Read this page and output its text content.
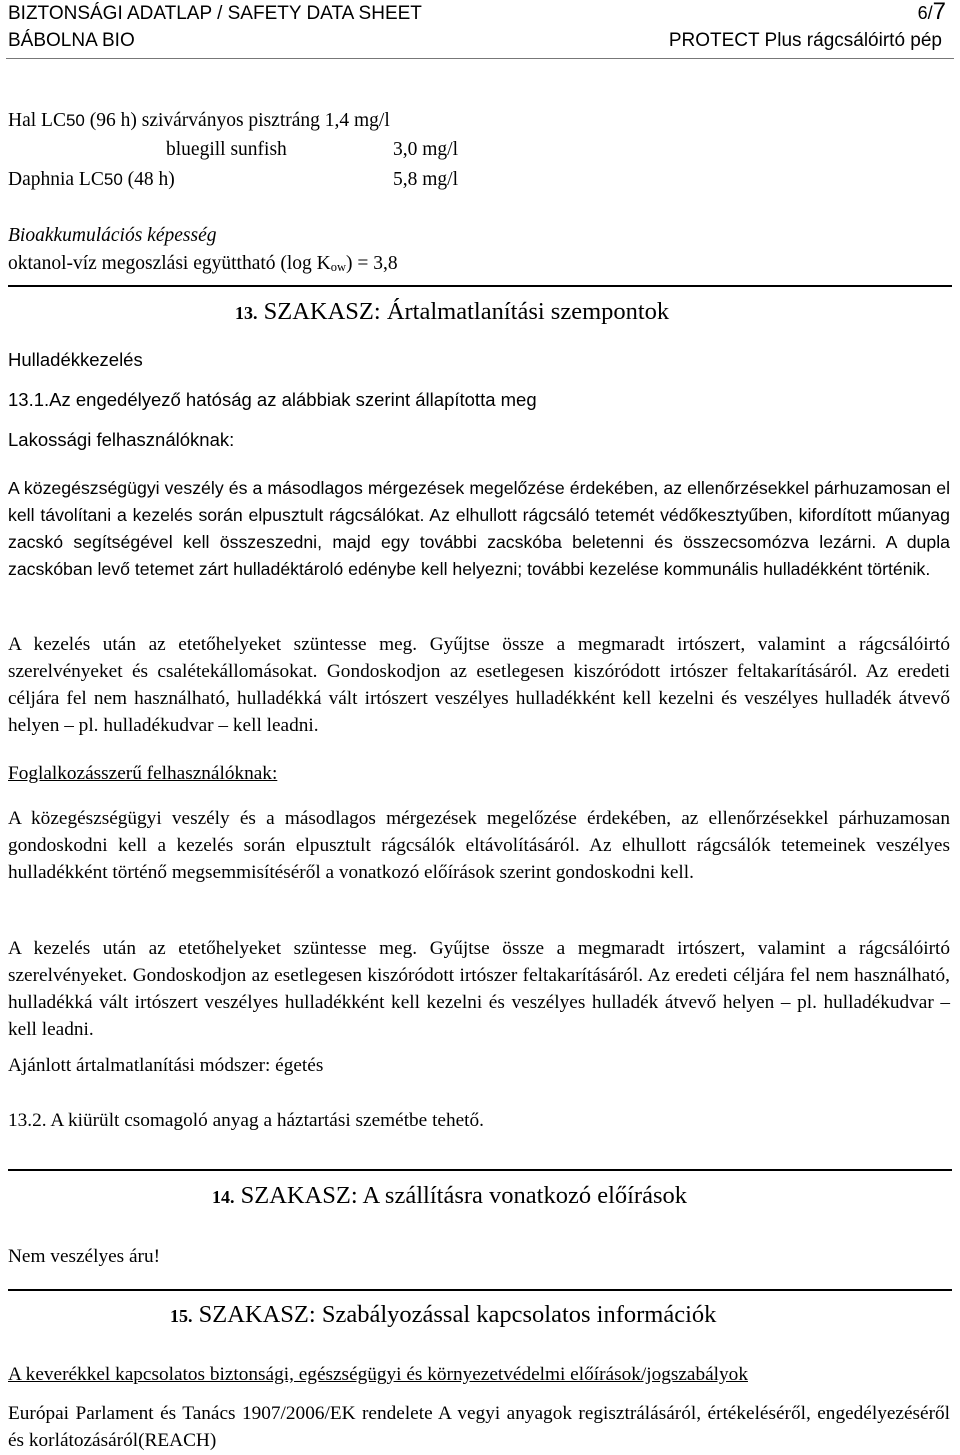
BIZTONSÁGI ADATLAP / SAFETY DATA SHEET
BÁBOLNA BIO
6/7
PROTECT Plus rágcsálóirtó pép
Hal LC50 (96 h) szivárványos pisztráng 1,4 mg/l
bluegill sunfish	3,0 mg/l
Daphnia LC50 (48 h)	5,8 mg/l
Bioakkumulációs képesség
oktanol-víz megoszlási együttható (log Kow) = 3,8
13. SZAKASZ: Ártalmatlanítási szempontok
Hulladékkezelés
13.1.Az engedélyező hatóság az alábbiak szerint állapította meg
Lakossági felhasználóknak:
A közegészségügyi veszély és a másodlagos mérgezések megelőzése érdekében, az ellenőrzésekkel párhuzamosan el kell távolítani a kezelés során elpusztult rágcsálókat. Az elhullott rágcsáló tetemét védőkesztyűben, kifordított műanyag zacskó segítségével kell összeszedni, majd egy további zacskóba beletenni és összecsomózva lezárni. A dupla zacskóban levő tetemet zárt hulladéktároló edénybe kell helyezni; további kezelése kommunális hulladékként történik.
A kezelés után az etetőhelyeket szüntesse meg. Gyűjtse össze a megmaradt irtószert, valamint a rágcsálóirtó szerelvényeket és csalétekállomásokat. Gondoskodjon az esetlegesen kiszóródott irtószer feltakarításáról. Az eredeti céljára fel nem használható, hulladékká vált irtószert veszélyes hulladékként kell kezelni és veszélyes hulladék átvevő helyen – pl. hulladékudvar – kell leadni.
Foglalkozásszerű felhasználóknak:
A közegészségügyi veszély és a másodlagos mérgezések megelőzése érdekében, az ellenőrzésekkel párhuzamosan gondoskodni kell a kezelés során elpusztult rágcsálók eltávolításáról. Az elhullott rágcsálók tetemeinek veszélyes hulladékként történő megsemmisítéséről a vonatkozó előírások szerint gondoskodni kell.
A kezelés után az etetőhelyeket szüntesse meg. Gyűjtse össze a megmaradt irtószert, valamint a rágcsálóirtó szerelvényeket. Gondoskodjon az esetlegesen kiszóródott irtószer feltakarításáról. Az eredeti céljára fel nem használható, hulladékká vált irtószert veszélyes hulladékként kell kezelni és veszélyes hulladék átvevő helyen – pl. hulladékudvar – kell leadni.
Ajánlott ártalmatlanítási módszer: égetés
13.2. A kiürült csomagoló anyag a háztartási szemétbe tehető.
14. SZAKASZ: A szállításra vonatkozó előírások
Nem veszélyes áru!
15. SZAKASZ: Szabályozással kapcsolatos információk
A keverékkel kapcsolatos biztonsági, egészségügyi és környezetvédelmi előírások/jogszabályok
Európai Parlament és Tanács 1907/2006/EK rendelete A vegyi anyagok regisztrálásáról, értékeléséről, engedélyezéséről és korlátozásáról(REACH)
